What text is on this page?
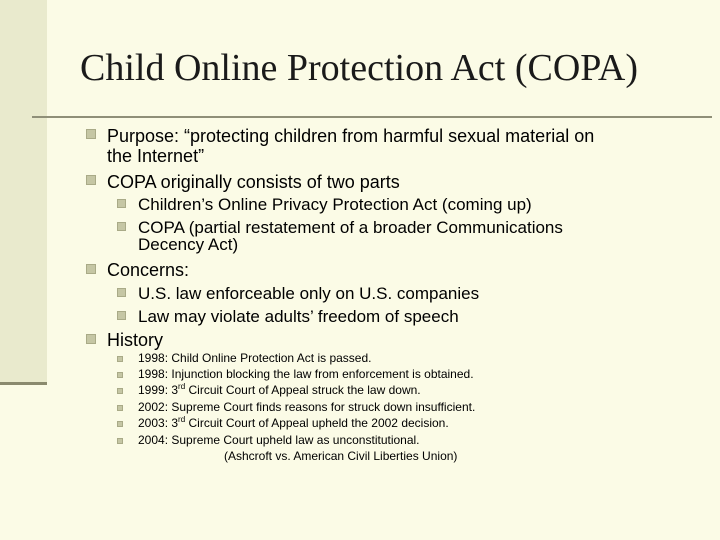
Child Online Protection Act (COPA)
Purpose: “protecting children from harmful sexual material on
the Internet”
COPA originally consists of two parts
Children’s Online Privacy Protection Act (coming up)
COPA (partial restatement of a broader Communications
Decency Act)
Concerns:
U.S. law enforceable only on U.S. companies
Law may violate adults’ freedom of speech
History
1998: Child Online Protection Act is passed.
1998: Injunction blocking the law from enforcement is obtained.
1999: 3rd Circuit Court of Appeal struck the law down.
2002: Supreme Court finds reasons for struck down insufficient.
2003: 3rd Circuit Court of Appeal upheld the 2002 decision.
2004: Supreme Court upheld law as unconstitutional.
(Ashcroft vs. American Civil Liberties Union)
